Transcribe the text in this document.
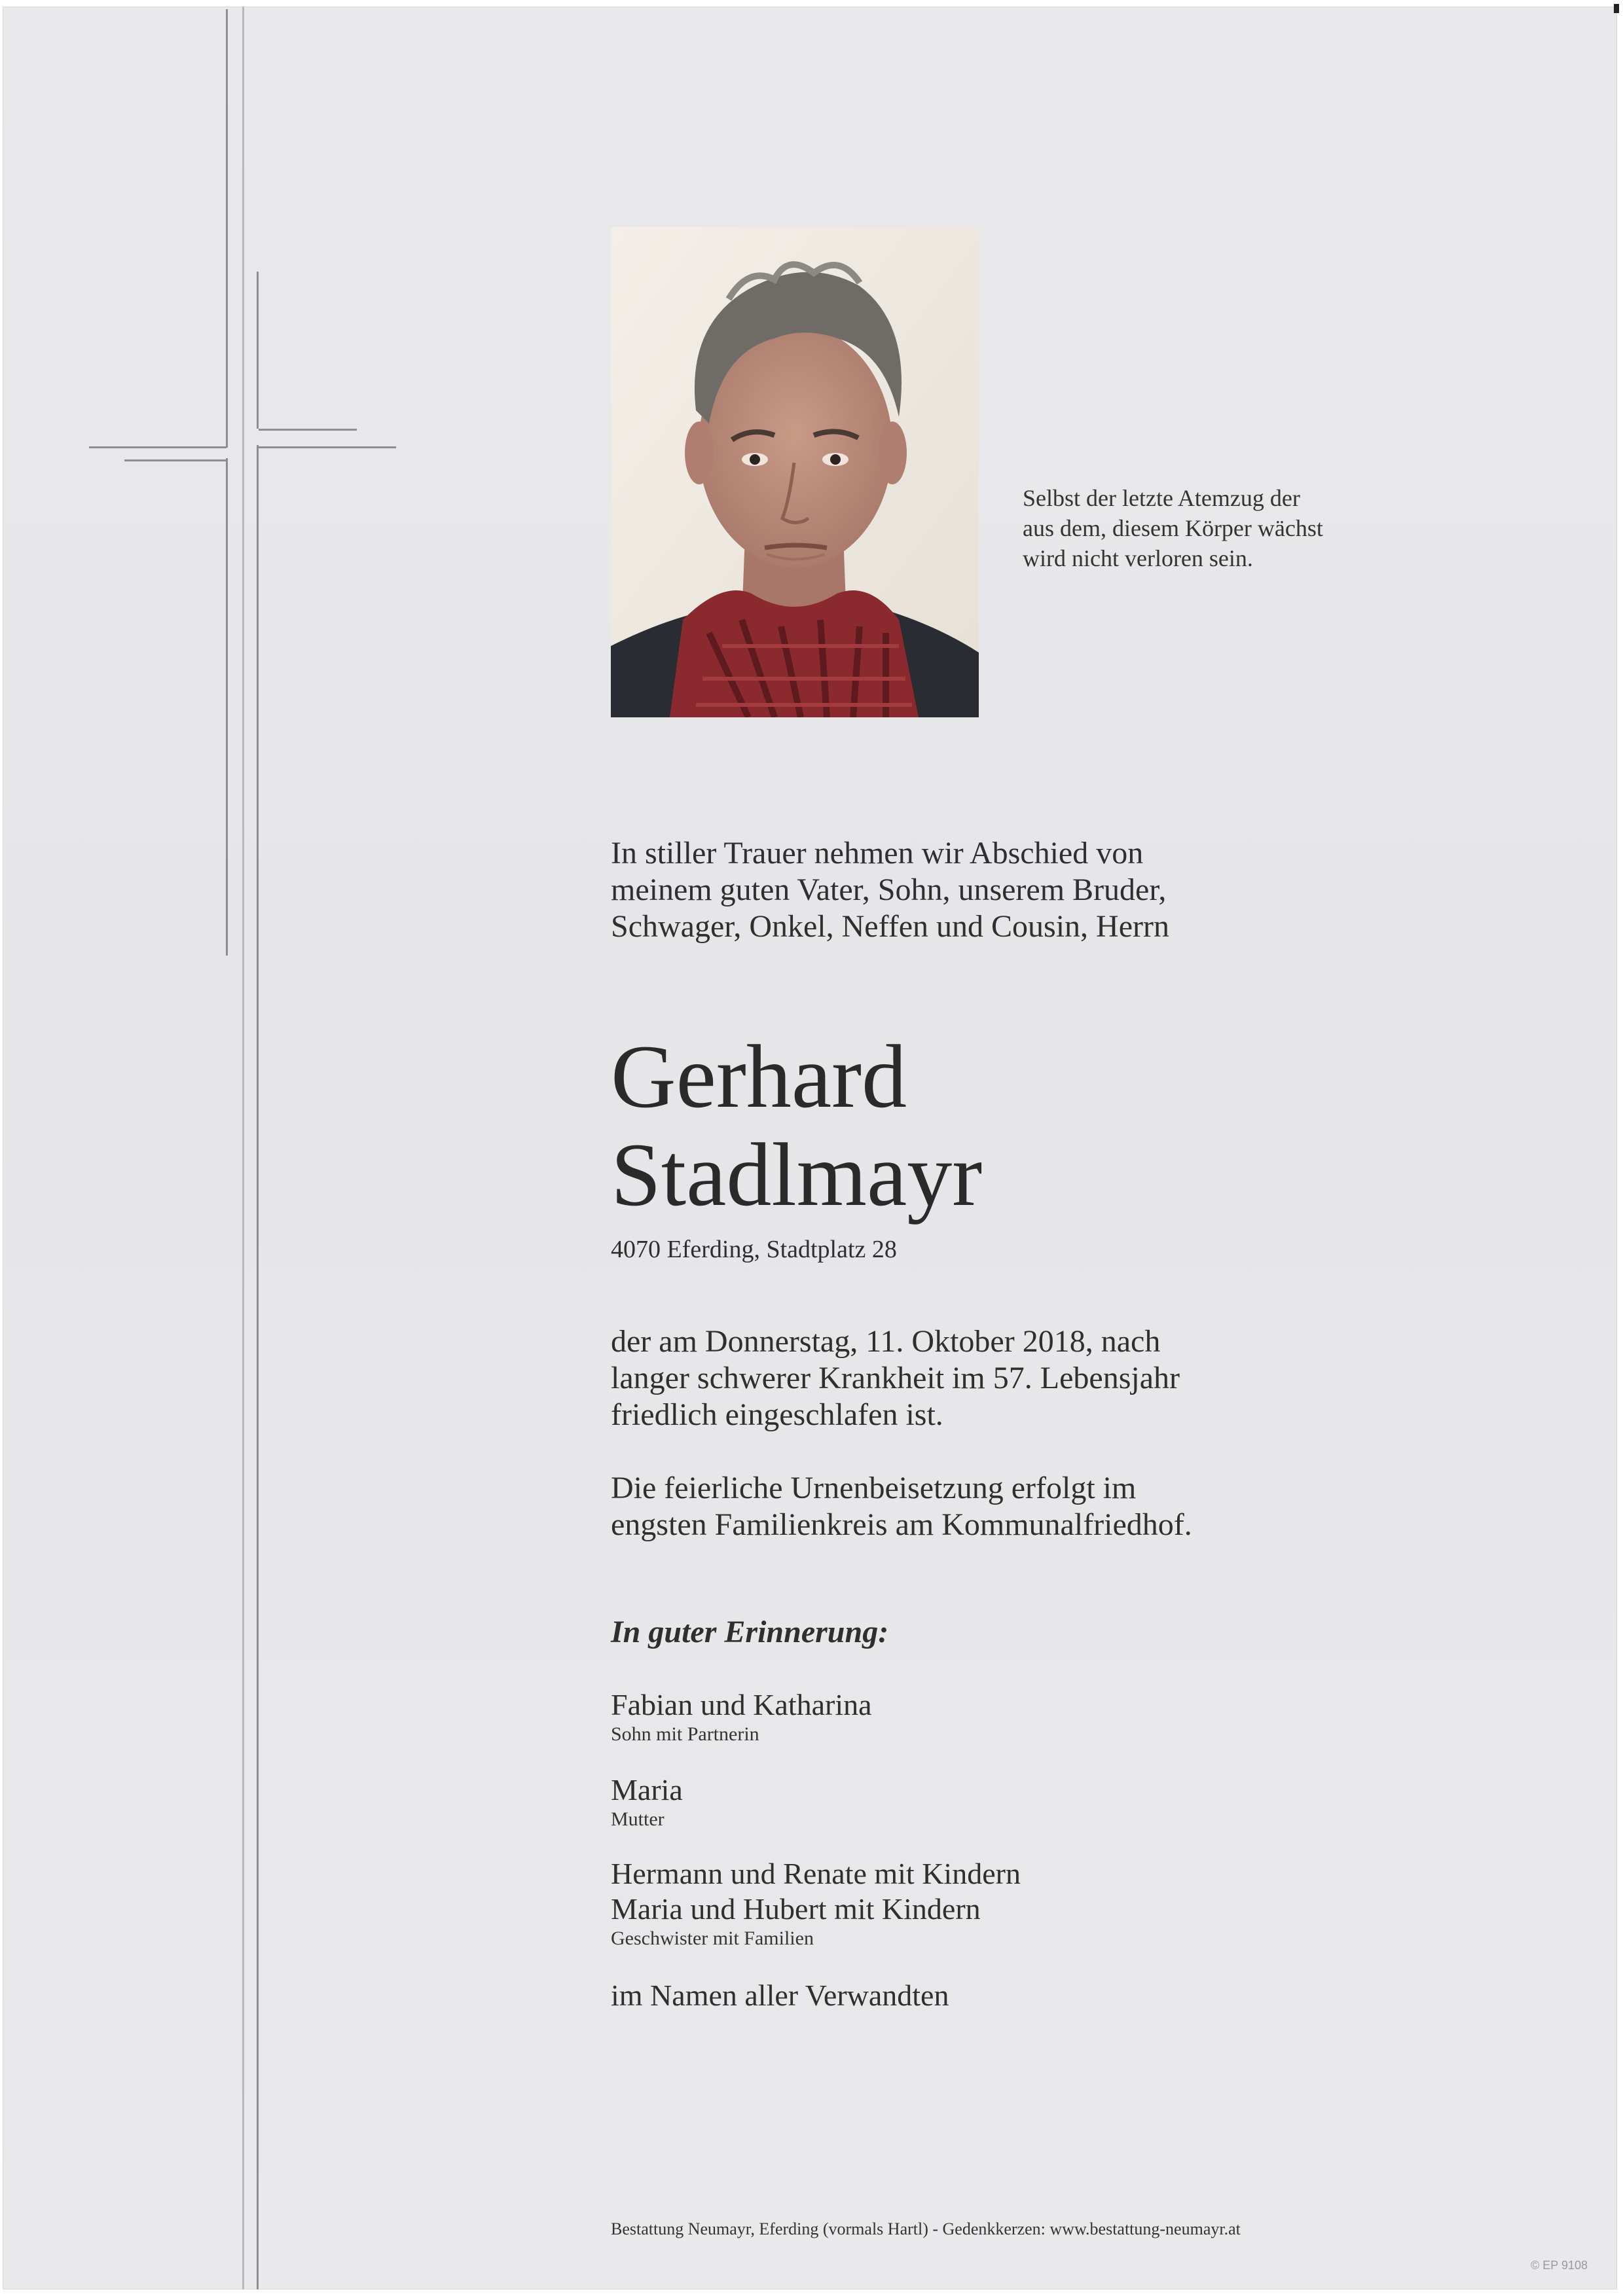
Selbst der letzte Atemzug der
aus dem, diesem Körper wächst
wird nicht verloren sein.
In stiller Trauer nehmen wir Abschied von
meinem guten Vater, Sohn, unserem Bruder,
Schwager, Onkel, Neffen und Cousin, Herrn
Gerhard
Stadlmayr
4070 Eferding, Stadtplatz 28
der am Donnerstag, 11. Oktober 2018, nach
langer schwerer Krankheit im 57. Lebensjahr
friedlich eingeschlafen ist.
Die feierliche Urnenbeisetzung erfolgt im
engsten Familienkreis am Kommunalfriedhof.
In guter Erinnerung:
Fabian und Katharina
Sohn mit Partnerin
Maria
Mutter
Hermann und Renate mit Kindern
Maria und Hubert mit Kindern
Geschwister mit Familien
im Namen aller Verwandten
Bestattung Neumayr, Eferding (vormals Hartl) - Gedenkkerzen: www.bestattung-neumayr.at
© EP 9108
